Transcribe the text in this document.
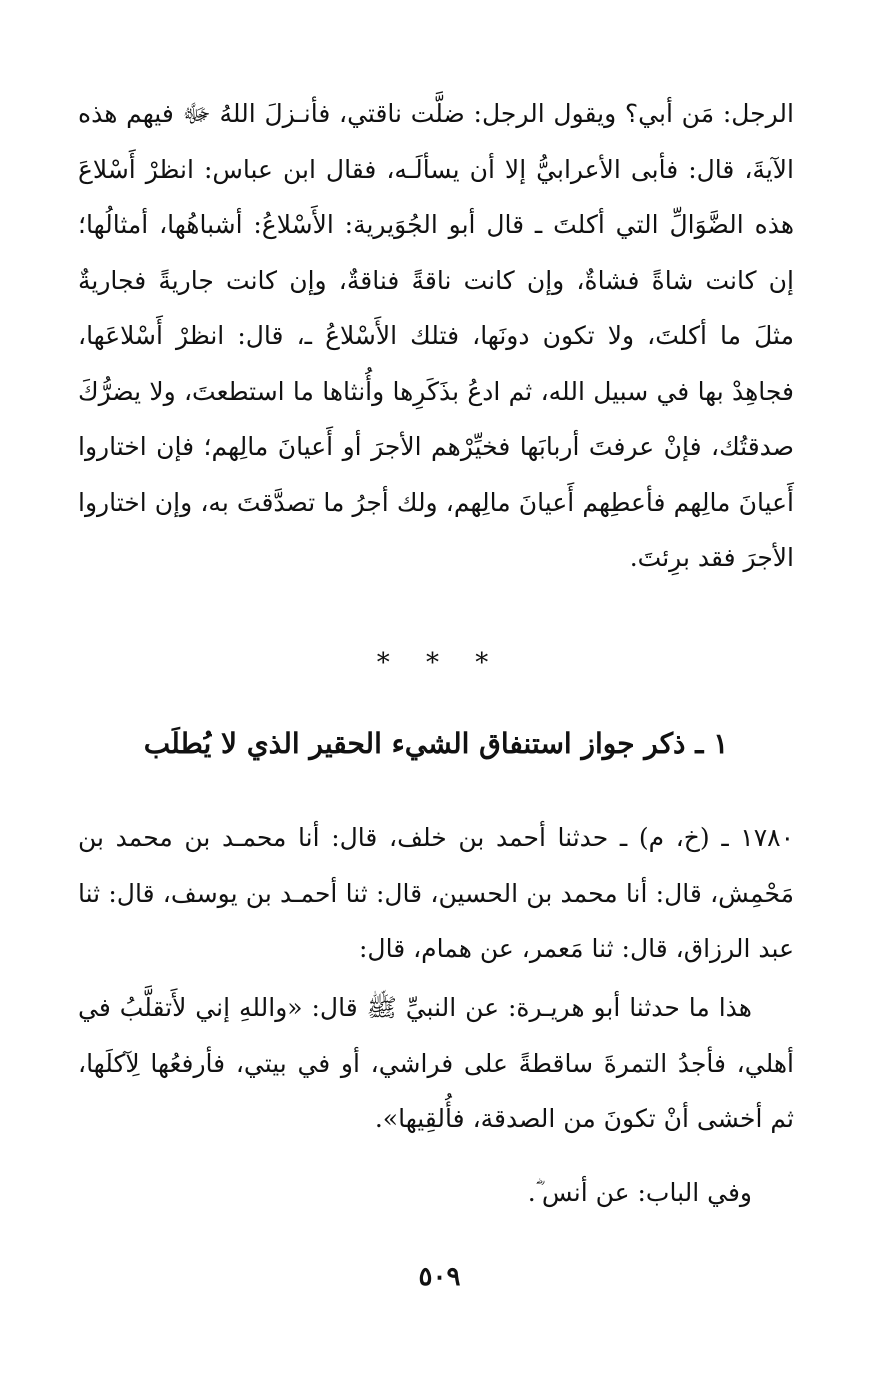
الرجل: مَن أبي؟ ويقول الرجل: ضلَّت ناقتي، فأنـزلَ اللهُ ﷻ فيهم هذه الآيةَ، قال: فأبى الأعرابيُّ إلا أن يسألَـه، فقال ابن عباس: انظرْ أَسْلاعَ هذه الضَّوَالِّ التي أكلتَ ـ قال أبو الجُوَيرية: الأَسْلاعُ: أشباهُها، أمثالُها؛ إن كانت شاةً فشاةٌ، وإن كانت ناقةً فناقةٌ، وإن كانت جاريةً فجاريةٌ مثلَ ما أكلتَ، ولا تكون دونَها، فتلك الأَسْلاعُ ـ، قال: انظرْ أَسْلاعَها، فجاهِدْ بها في سبيل الله، ثم ادعُ بذَكَرِها وأُنثاها ما استطعتَ، ولا يضرُّكَ صدقتُك، فإنْ عرفتَ أربابَها فخيِّرْهم الأجرَ أو أَعيانَ مالِهم؛ فإن اختاروا أَعيانَ مالِهم فأعطِهم أَعيانَ مالِهم، ولك أجرُ ما تصدَّقتَ به، وإن اختاروا الأجرَ فقد برِئتَ.

* * *

١ ـ ذكر جواز استنفاق الشيء الحقير الذي لا يُطلَب

١٧٨٠ ـ (خ، م) ـ حدثنا أحمد بن خلف، قال: أنا محمـد بن محمد بن مَحْمِش، قال: أنا محمد بن الحسين، قال: ثنا أحمـد بن يوسف، قال: ثنا عبد الرزاق، قال: ثنا مَعمر، عن همام، قال:

هذا ما حدثنا أبو هريـرة: عن النبيِّ ﷺ قال: «واللهِ إني لأَتقلَّبُ في أهلي، فأجدُ التمرةَ ساقطةً على فراشي، أو في بيتي، فأرفعُها لِآكلَها، ثم أخشى أنْ تكونَ من الصدقة، فأُلقِيها».

وفي الباب: عن أنس ؓ.

٥٠٩
